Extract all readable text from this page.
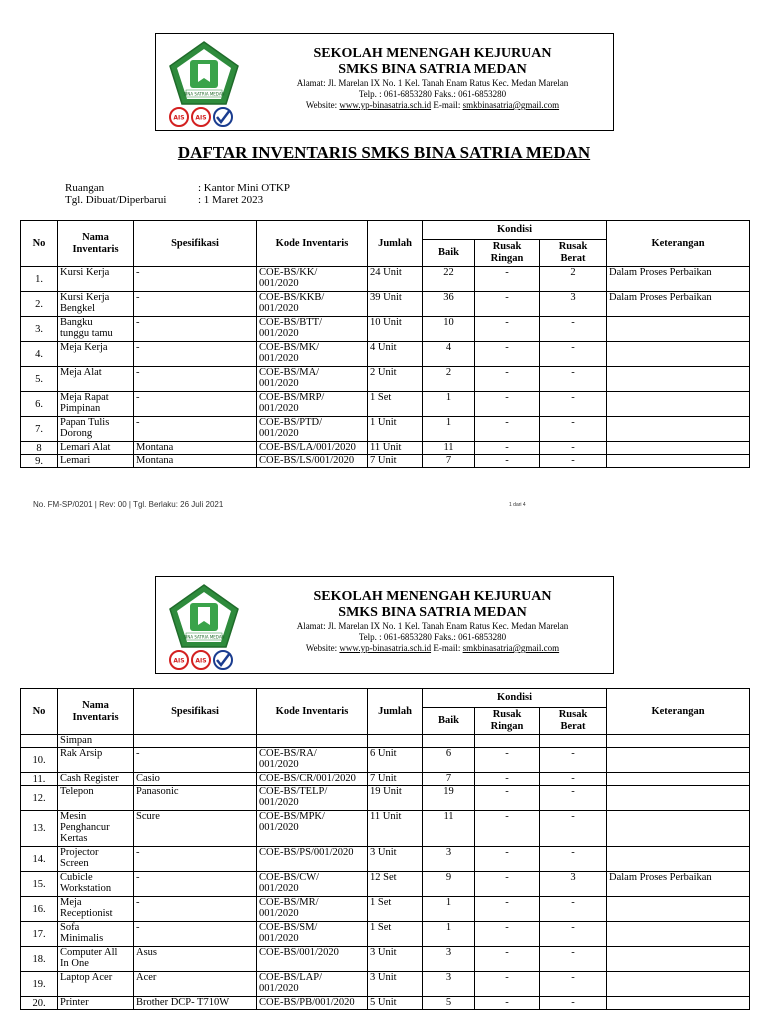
BINA SATRIA MEDAN
AIS AIS
SEKOLAH MENENGAH KEJURUAN
SMKS BINA SATRIA MEDAN
Alamat: Jl. Marelan IX No. 1 Kel. Tanah Enam Ratus Kec. Medan Marelan
Telp. : 061-6853280 Faks.: 061-6853280
Website: www.yp-binasatria.sch.id E-mail: smkbinasatria@gmail.com
DAFTAR INVENTARIS SMKS BINA SATRIA MEDAN
Ruangan	: Kantor Mini OTKP
Tgl. Dibuat/Diperbarui	: 1 Maret 2023
No	Nama
Inventaris	Spesifikasi	Kode Inventaris	Jumlah	Kondisi			Keterangan
					Baik	Rusak
Ringan	Rusak
Berat	
1.	Kursi Kerja	-	COE-BS/KK/
001/2020	24 Unit	22	-	2	Dalam Proses Perbaikan
2.	Kursi Kerja
Bengkel	-	COE-BS/KKB/
001/2020	39 Unit	36	-	3	Dalam Proses Perbaikan
3.	Bangku
tunggu tamu	-	COE-BS/BTT/
001/2020	10 Unit	10	-	-	
4.	Meja Kerja	-	COE-BS/MK/
001/2020	4 Unit	4	-	-	
5.	Meja Alat	-	COE-BS/MA/
001/2020	2 Unit	2	-	-	
6.	Meja Rapat
Pimpinan	-	COE-BS/MRP/
001/2020	1 Set	1	-	-	
7.	Papan Tulis
Dorong	-	COE-BS/PTD/
001/2020	1 Unit	1	-	-	
8	Lemari Alat	Montana	COE-BS/LA/001/2020	11 Unit	11	-	-	
9.	Lemari	Montana	COE-BS/LS/001/2020	7 Unit	7	-	-	
No. FM-SP/0201 | Rev: 00 | Tgl. Berlaku: 26 Juli 2021	1 dari 4
BINA SATRIA MEDAN
AIS AIS
SEKOLAH MENENGAH KEJURUAN
SMKS BINA SATRIA MEDAN
Alamat: Jl. Marelan IX No. 1 Kel. Tanah Enam Ratus Kec. Medan Marelan
Telp. : 061-6853280 Faks.: 061-6853280
Website: www.yp-binasatria.sch.id E-mail: smkbinasatria@gmail.com
No	Nama
Inventaris	Spesifikasi	Kode Inventaris	Jumlah	Kondisi			Keterangan
					Baik	Rusak
Ringan	Rusak
Berat	
	Simpan							
10.	Rak Arsip	-	COE-BS/RA/
001/2020	6 Unit	6	-	-	
11.	Cash Register	Casio	COE-BS/CR/001/2020	7 Unit	7	-	-	
12.	Telepon	Panasonic	COE-BS/TELP/
001/2020	19 Unit	19	-	-	
13.	Mesin
Penghancur
Kertas	Scure	COE-BS/MPK/
001/2020	11 Unit	11	-	-	
14.	Projector
Screen	-	COE-BS/PS/001/2020	3 Unit	3	-	-	
15.	Cubicle
Workstation	-	COE-BS/CW/
001/2020	12 Set	9	-	3	Dalam Proses Perbaikan
16.	Meja
Receptionist	-	COE-BS/MR/
001/2020	1 Set	1	-	-	
17.	Sofa
Minimalis	-	COE-BS/SM/
001/2020	1 Set	1	-	-	
18.	Computer All
In One	Asus	COE-BS/001/2020	3 Unit	3	-	-	
19.	Laptop Acer	Acer	COE-BS/LAP/
001/2020	3 Unit	3	-	-	
20.	Printer	Brother DCP- T710W	COE-BS/PB/001/2020	5 Unit	5	-	-	
